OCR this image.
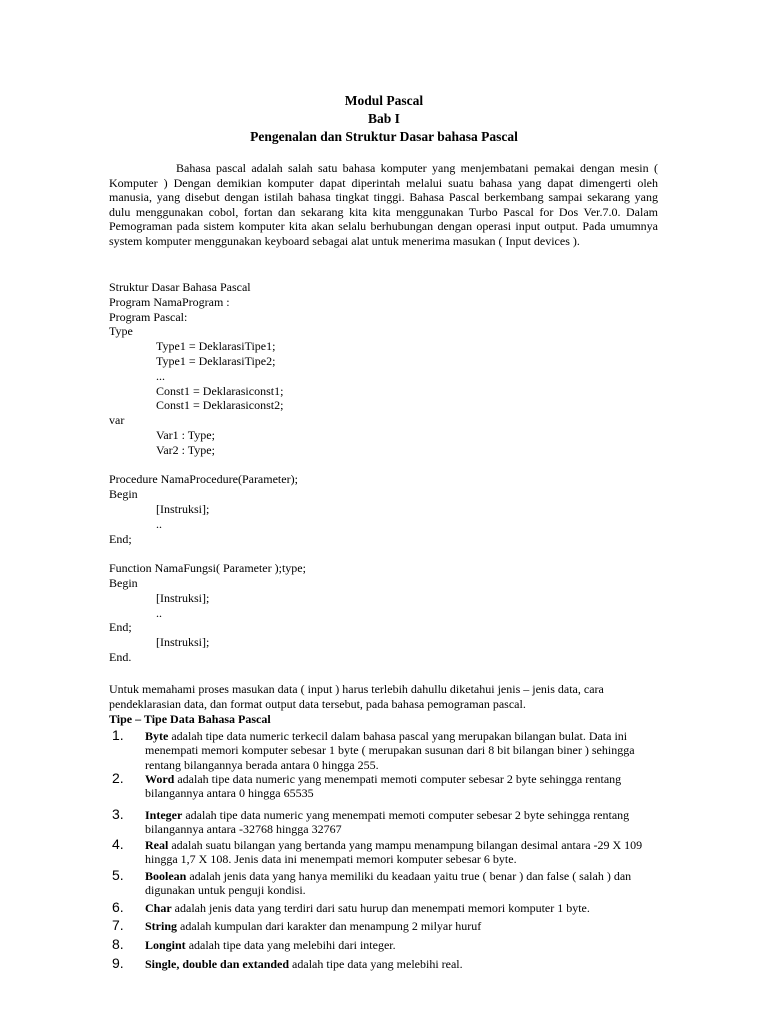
Modul Pascal
Bab I
Pengenalan dan Struktur Dasar bahasa Pascal
Bahasa pascal adalah salah satu bahasa komputer yang menjembatani pemakai dengan mesin ( Komputer ) Dengan demikian komputer dapat diperintah melalui suatu bahasa yang dapat dimengerti oleh manusia, yang disebut dengan istilah bahasa tingkat tinggi. Bahasa Pascal berkembang sampai sekarang yang dulu menggunakan cobol, fortan dan sekarang kita kita menggunakan Turbo Pascal for Dos Ver.7.0. Dalam Pemograman pada sistem komputer kita akan selalu berhubungan dengan operasi input output. Pada umumnya system komputer menggunakan keyboard sebagai alat untuk menerima masukan ( Input devices ).
Struktur Dasar Bahasa Pascal
Program NamaProgram :
Program Pascal:
Type
Type1 = DeklarasiTipe1;
Type1 = DeklarasiTipe2;
...
Const1 = Deklarasiconst1;
Const1 = Deklarasiconst2;
var
Var1 : Type;
Var2 : Type;
Procedure NamaProcedure(Parameter);
Begin
[Instruksi];
..
End;
Function NamaFungsi( Parameter );type;
Begin
[Instruksi];
..
End;
[Instruksi];
End.
Untuk memahami proses masukan data ( input ) harus terlebih dahullu diketahui jenis – jenis data, cara pendeklarasian data, dan format output data tersebut, pada bahasa pemograman pascal.
Tipe – Tipe Data Bahasa Pascal
1. Byte adalah tipe data numeric terkecil dalam bahasa pascal yang merupakan bilangan bulat. Data ini menempati memori komputer sebesar 1 byte ( merupakan susunan dari 8 bit bilangan biner ) sehingga rentang bilangannya berada antara 0 hingga 255.
2. Word adalah tipe data numeric yang menempati memoti computer sebesar 2 byte sehingga rentang bilangannya antara 0 hingga 65535
3. Integer adalah tipe data numeric yang menempati memoti computer sebesar 2 byte sehingga rentang bilangannya antara -32768 hingga 32767
4. Real adalah suatu bilangan yang bertanda yang mampu menampung bilangan desimal antara -29 X 109 hingga 1,7 X 108. Jenis data ini menempati memori komputer sebesar 6 byte.
5. Boolean adalah jenis data yang hanya memiliki du keadaan yaitu true ( benar ) dan false ( salah ) dan digunakan untuk penguji kondisi.
6. Char adalah jenis data yang terdiri dari satu hurup dan menempati memori komputer 1 byte.
7. String adalah kumpulan dari karakter dan menampung 2 milyar huruf
8. Longint adalah tipe data yang melebihi dari integer.
9. Single, double dan extanded adalah tipe data yang melebihi real.
